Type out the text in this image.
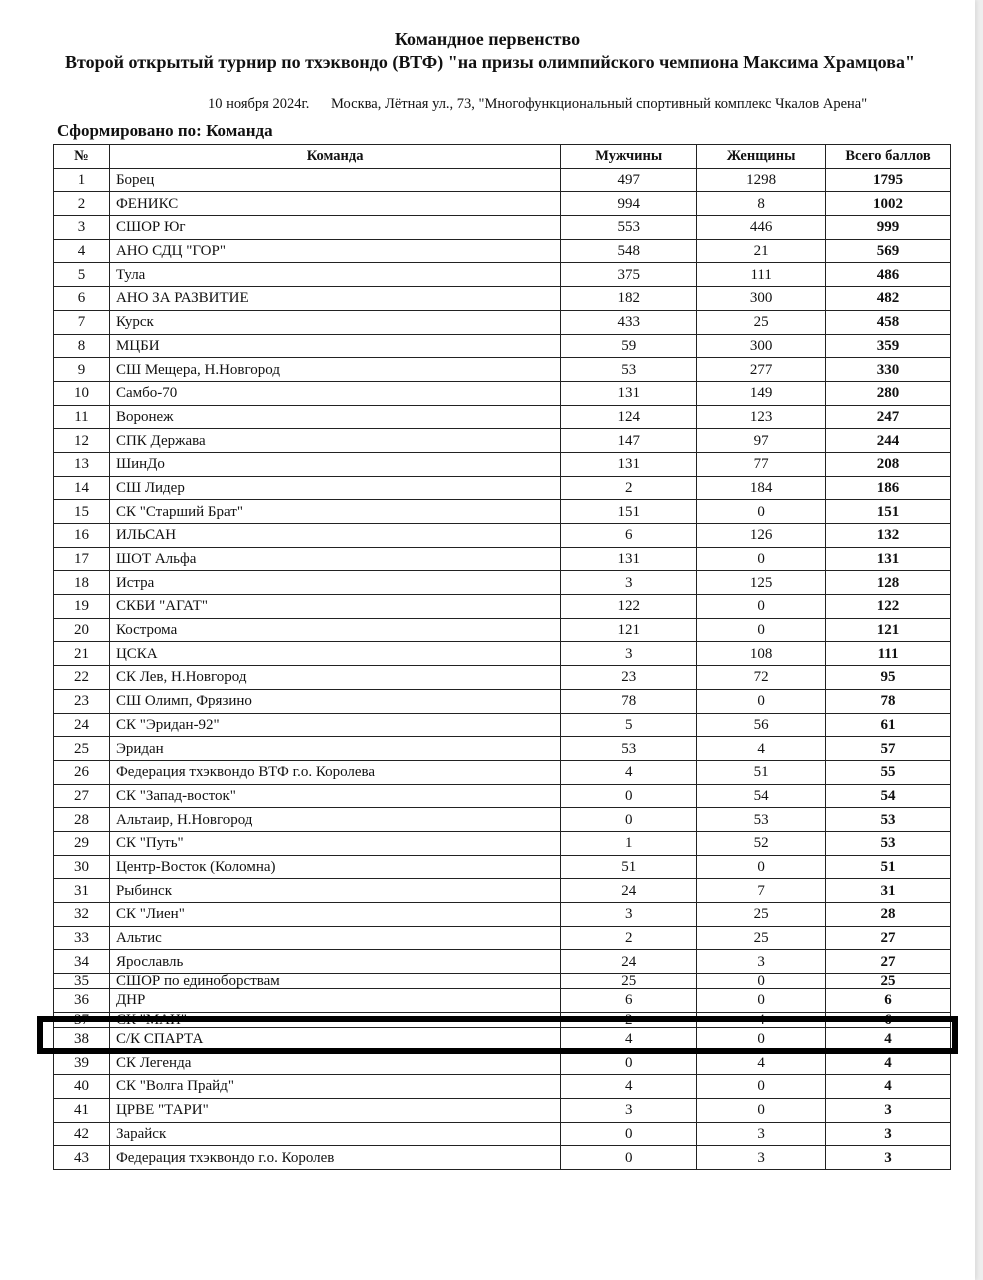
Командное первенство
Второй открытый турнир по тхэквондо (ВТФ) "на призы олимпийского чемпиона Максима Храмцова"
10 ноября 2024г. Москва, Лётная ул., 73, "Многофункциональный спортивный комплекс Чкалов Арена"
Сформировано по: Команда
№	Команда	Мужчины	Женщины	Всего баллов
1	Борец	497	1298	1795
2	ФЕНИКС	994	8	1002
3	СШОР Юг	553	446	999
4	АНО СДЦ "ГОР"	548	21	569
5	Тула	375	111	486
6	АНО ЗА РАЗВИТИЕ	182	300	482
7	Курск	433	25	458
8	МЦБИ	59	300	359
9	СШ Мещера, Н.Новгород	53	277	330
10	Самбо-70	131	149	280
11	Воронеж	124	123	247
12	СПК Держава	147	97	244
13	ШинДо	131	77	208
14	СШ Лидер	2	184	186
15	СК "Старший Брат"	151	0	151
16	ИЛЬСАН	6	126	132
17	ШОТ Альфа	131	0	131
18	Истра	3	125	128
19	СКБИ "АГАТ"	122	0	122
20	Кострома	121	0	121
21	ЦСКА	3	108	111
22	СК Лев, Н.Новгород	23	72	95
23	СШ Олимп, Фрязино	78	0	78
24	СК "Эридан-92"	5	56	61
25	Эридан	53	4	57
26	Федерация тхэквондо ВТФ г.о. Королева	4	51	55
27	СК "Запад-восток"	0	54	54
28	Альтаир, Н.Новгород	0	53	53
29	СК "Путь"	1	52	53
30	Центр-Восток (Коломна)	51	0	51
31	Рыбинск	24	7	31
32	СК "Лиен"	3	25	28
33	Альтис	2	25	27
34	Ярославль	24	3	27

35	СШОР по единоборствам	25	0	25

36	ДНР	6	0	6

37	СК "МАИ"	2	4	6

38	С/К СПАРТА	4	0	4
39	СК Легенда	0	4	4
40	СК "Волга Прайд"	4	0	4
41	ЦРВЕ "ТАРИ"	3	0	3
42	Зарайск	0	3	3
43	Федерация тхэквондо г.о. Королев	0	3	3
